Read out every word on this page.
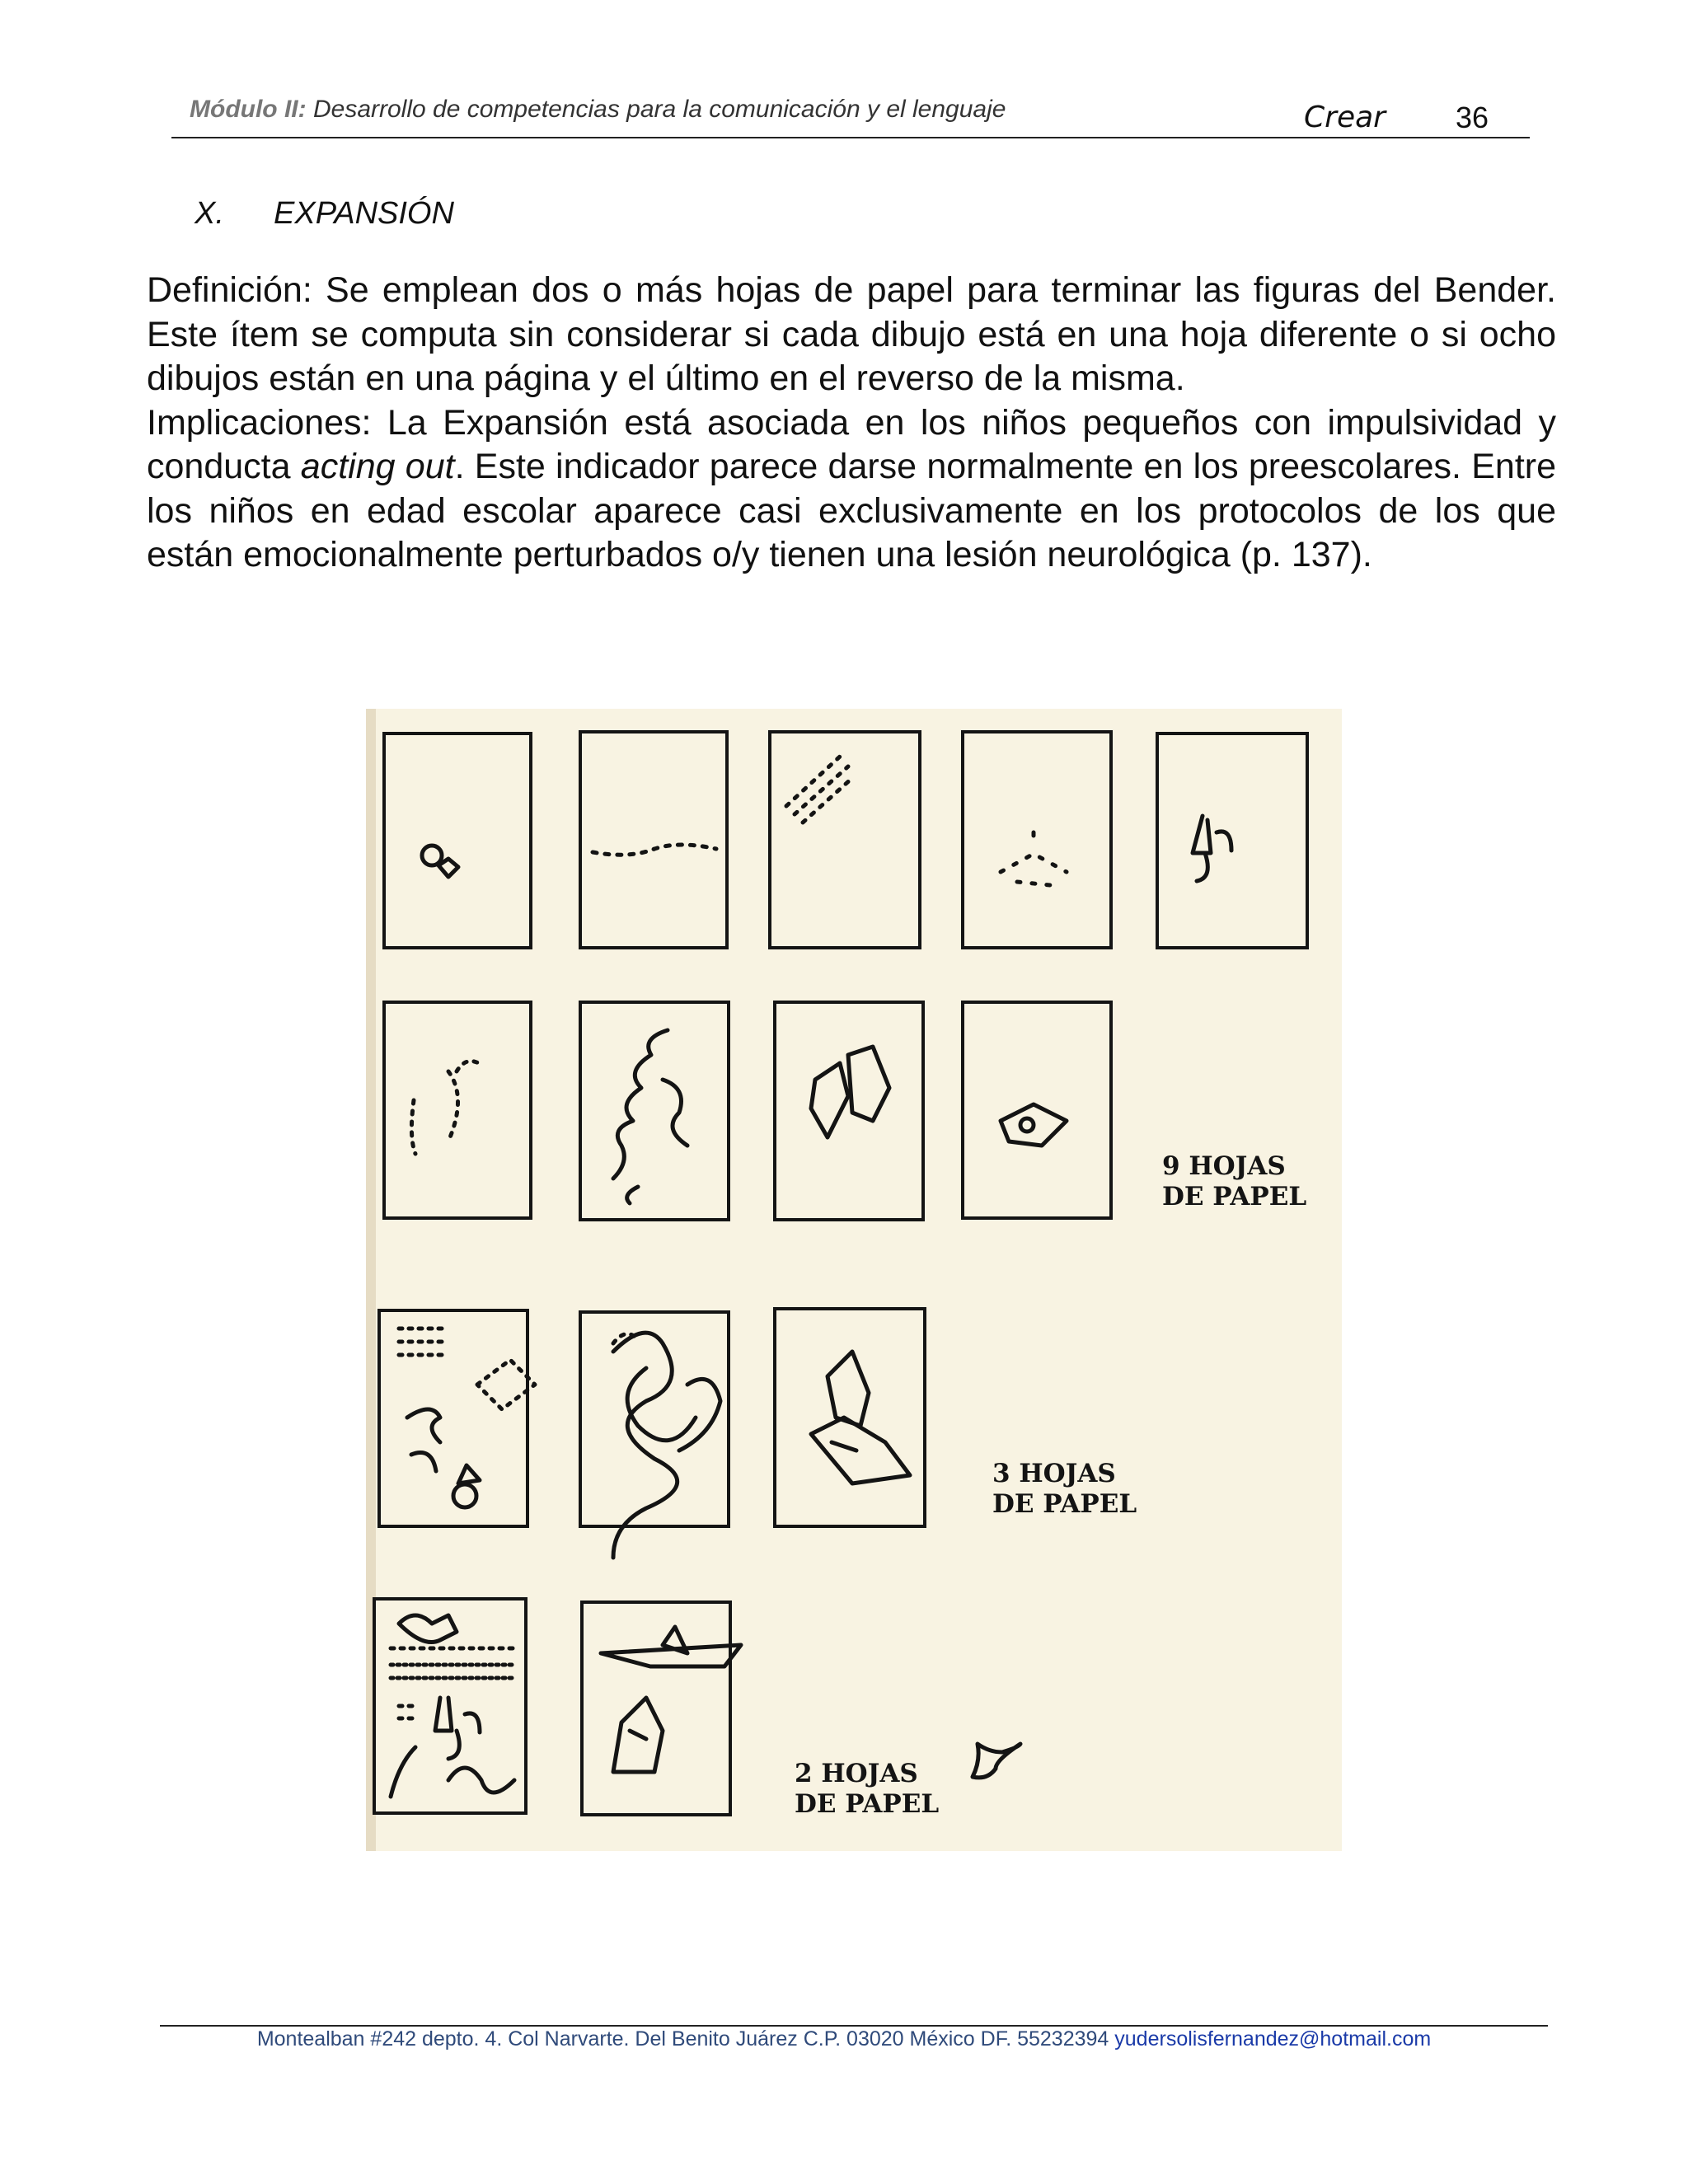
Módulo II: Desarrollo de competencias para la comunicación y el lenguaje	Crear 36
X. EXPANSIÓN

Definición: Se emplean dos o más hojas de papel para terminar las figuras del Bender. Este ítem se computa sin considerar si cada dibujo está en una hoja diferente o si ocho dibujos están en una página y el último en el reverso de la misma.

Implicaciones: La Expansión está asociada en los niños pequeños con impulsividad y conducta acting out. Este indicador parece darse normalmente en los preescolares. Entre los niños en edad escolar aparece casi exclusivamente en los protocolos de los que están emocionalmente perturbados o/y tienen una lesión neurológica (p. 137).

9 HOJAS
DE PAPEL
3 HOJAS
DE PAPEL
2 HOJAS
DE PAPEL
Montealban #242 depto. 4. Col Narvarte. Del Benito Juárez C.P. 03020 México DF. 55232394 yudersolisfernandez@hotmail.com
